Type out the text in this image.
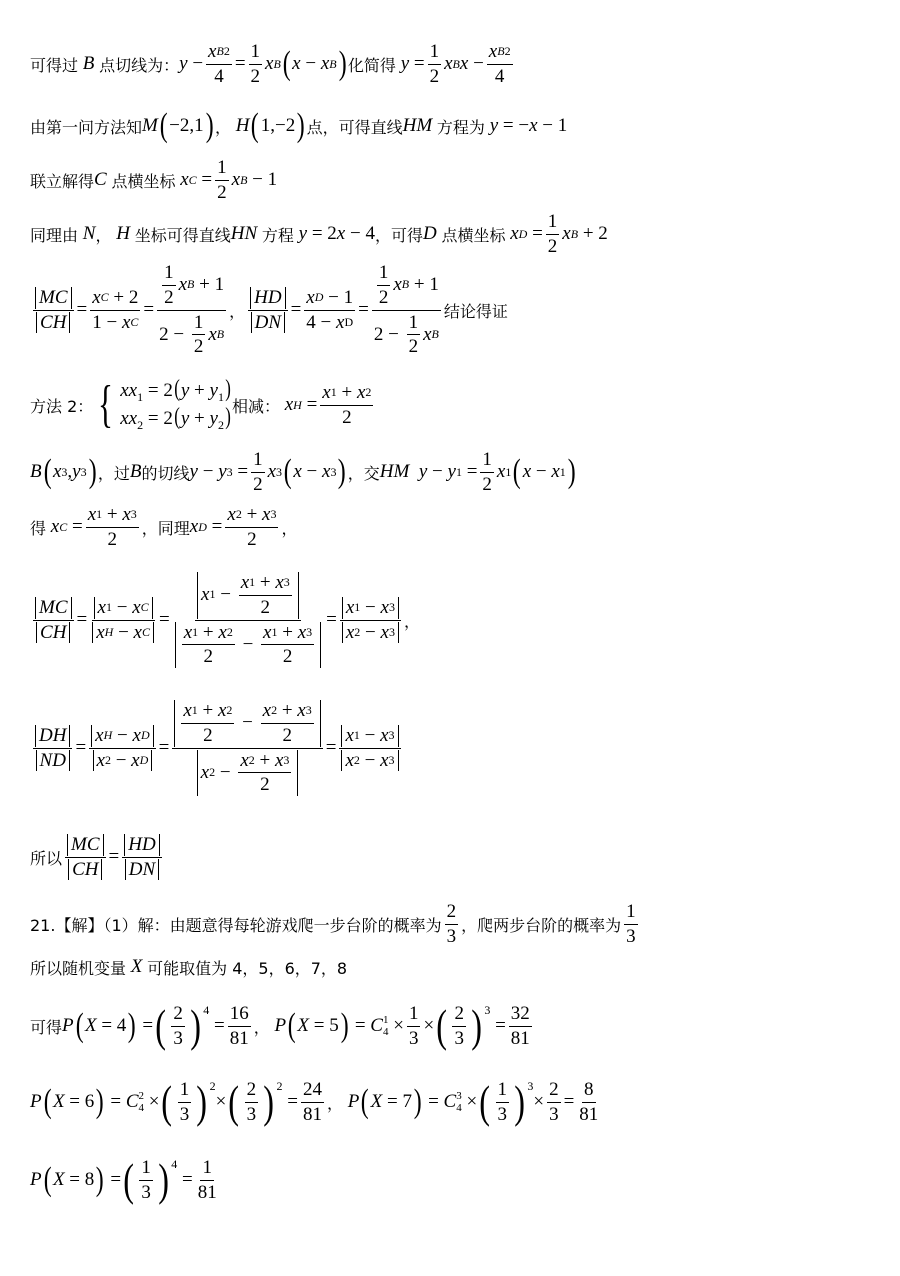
可得过 B 点切线为： $y - \frac{\text{x B 2}}{4} = \frac{1}{2}$ x B ( x − x B ) 化简得 $y = \frac{1}{2}$ x B $x - \frac{\text{x B 2}}{4}$
由第一问方法知 M ( −2,1 ) ，
H ( 1,−2 ) 点，可得直线 HM
方程为 y = − x − 1
联立解得 C
点横坐标 x $C = \frac{1}{2}$ x B − 1
同理由 N ， H
坐标可得直线 HN
方程 y = 2 x − 4 ，可得 D
点横坐标 x $D = \frac{1}{2}$ x B + 2
$\frac{MC}{CH} = \frac{\text{x C + 2}}{\text{1 − x C}} = \frac{\frac{1}{2} x B + 1}{2 - \frac{1}{2} x B}$ ， $\frac{HD}{DN} = \frac{\text{x D − 1}}{\text{4 − x D}} = \frac{\frac{1}{2} x B + 1}{2 - \frac{1}{2} x B}$ 结论得证
方法 2： { $xx_1 = 2(y + y_1)$
$xx_2 = 2(y + y_2)$ 相减： x $H = \frac{x 1 + x 2}{2}$
B ( x 3 , y 3 ) ，过 B 的切线 y − y $3 = \frac{1}{2}$ x 3 ( x − x 3 ) ，交 HM
y − y $1 = \frac{1}{2}$ x 1 ( x − x 1 )
得 x $C = \frac{x 1 + x 3}{2}$ ，同理 x $D = \frac{x 2 + x 3}{2}$ ，
$\frac{MC}{CH} = \frac{\text{x 1 − x C}}{\text{x H − x C}} = \frac{x 1 - \frac{x 1 + x 3}{2}}{\frac{x 1 + x 2}{2} - \frac{x 1 + x 3}{2}} = \frac{x 1 - x 3}{x 2 - x 3}$ ，
$\frac{DH}{ND} = \frac{\text{x H − x D}}{\text{x 2 − x D}} = \frac{\frac{x 1 + x 2}{2} - \frac{x 2 + x 3}{2}}{x 2 - \frac{x 2 + x 3}{2}} = \frac{x 1 - x 3}{x 2 - x 3}$
所以 $\frac{MC}{CH} = \frac{HD}{DN}$
21.【解】（1）解：由题意得每轮游戏爬一步台阶的概率为 $\frac{2}{3}$ ，爬两步台阶的概率为 $\frac{1}{3}$
所以随机变量 X 可能取值为 4，5，6，7，8
可得 P ( X = 4 ) = ( $\frac{2}{3} )^4$
= $\frac{16}{81}$ ， P ( X = 5 ) = C 1
$4 \times \frac{1}{3}$ × ( $\frac{2}{3} )^3$
= $\frac{32}{81}$
P ( X = 6 ) = C 2
4 × ( $\frac{1}{3} )^2$
× ( $\frac{2}{3} )^2$
= $\frac{24}{81}$ ， P ( X = 7 ) = C 3
4 × ( $\frac{1}{3} )^3$
× $\frac{2}{3} = \frac{8}{81}$
P ( X = 8 ) = ( $\frac{1}{3} )^4$
= $\frac{1}{81}$
